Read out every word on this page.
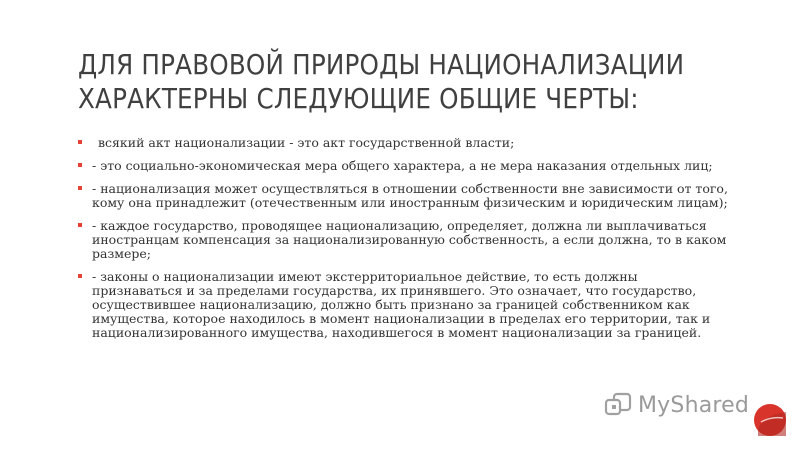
ДЛЯ ПРАВОВОЙ ПРИРОДЫ НАЦИОНАЛИЗАЦИИ
ХАРАКТЕРНЫ СЛЕДУЮЩИЕ ОБЩИЕ ЧЕРТЫ:
всякий акт национализации - это акт государственной власти;
- это социально-экономическая мера общего характера, а не мера наказания отдельных лиц;
- национализация может осуществляться в отношении собственности вне зависимости от того, кому она принадлежит (отечественным или иностранным физическим и юридическим лицам);
- каждое государство, проводящее национализацию, определяет, должна ли выплачиваться иностранцам компенсация за национализированную собственность, а если должна, то в каком размере;
- законы о национализации имеют экстерриториальное действие, то есть должны признаваться и за пределами государства, их принявшего. Это означает, что государство, осуществившее национализацию, должно быть признано за границей собственником как имущества, которое находилось в момент национализации в пределах его территории, так и национализированного имущества, находившегося в момент национализации за границей.
MyShared
